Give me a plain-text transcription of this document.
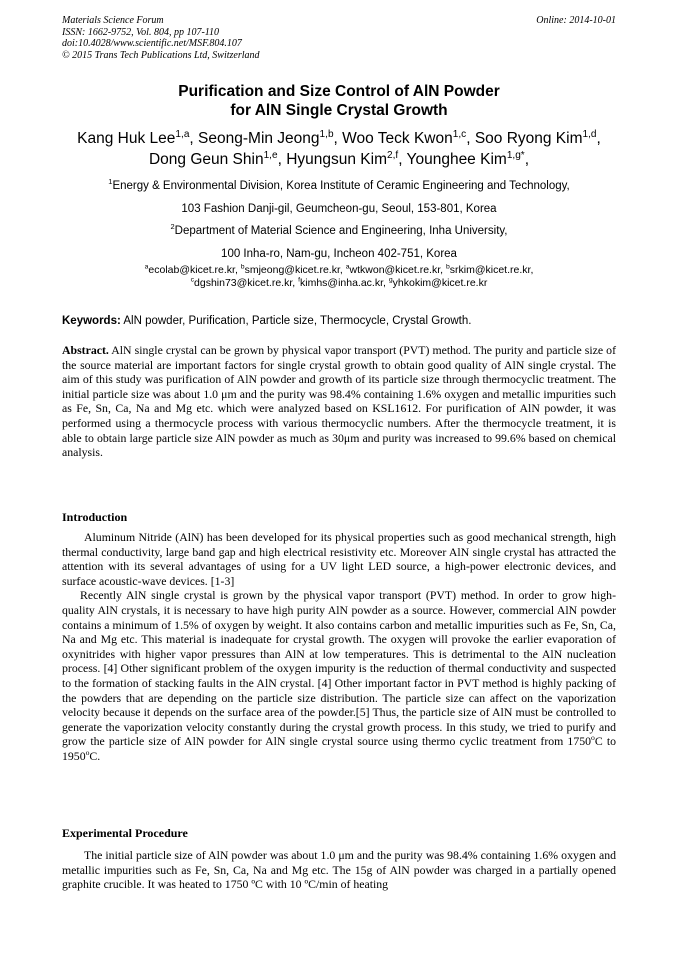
Materials Science Forum	Online: 2014-10-01
ISSN: 1662-9752, Vol. 804, pp 107-110
doi:10.4028/www.scientific.net/MSF.804.107
© 2015 Trans Tech Publications Ltd, Switzerland
Purification and Size Control of AlN Powder
for AlN Single Crystal Growth
Kang Huk Lee$^{1,a}$, Seong-Min Jeong$^{1,b}$, Woo Teck Kwon$^{1,c}$, Soo Ryong Kim$^{1,d}$,
Dong Geun Shin$^{1,e}$, Hyungsun Kim$^{2,f}$, Younghee Kim$^{1,g*}$,
$^1$Energy & Environmental Division, Korea Institute of Ceramic Engineering and Technology,
103 Fashion Danji-gil, Geumcheon-gu, Seoul, 153-801, Korea
$^2$Department of Material Science and Engineering, Inha University,
100 Inha-ro, Nam-gu, Incheon 402-751, Korea
$^a$ecolab@kicet.re.kr, $^b$smjeong@kicet.re.kr, $^a$wtkwon@kicet.re.kr, $^b$srkim@kicet.re.kr,
$^c$dgshin73@kicet.re.kr, $^f$kimhs@inha.ac.kr, $^g$yhkokim@kicet.re.kr
Keywords: AlN powder, Purification, Particle size, Thermocycle, Crystal Growth.

Abstract. AlN single crystal can be grown by physical vapor transport (PVT) method. The purity and particle size of the source material are important factors for single crystal growth to obtain good quality of AlN single crystal. The aim of this study was purification of AlN powder and growth of its particle size through thermocyclic treatment. The initial particle size was about 1.0 μm and the purity was 98.4% containing 1.6% oxygen and metallic impurities such as Fe, Sn, Ca, Na and Mg etc. which were analyzed based on KSL1612. For purification of AlN powder, it was performed using a thermocycle process with various thermocyclic numbers. After the thermocycle treatment, it is able to obtain large particle size AlN powder as much as 30μm and purity was increased to 99.6% based on chemical analysis.

Introduction

Aluminum Nitride (AlN) has been developed for its physical properties such as good mechanical strength, high thermal conductivity, large band gap and high electrical resistivity etc. Moreover AlN single crystal has attracted the attention with its several advantages of using for a UV light LED source, a high-power electronic devices, and surface acoustic-wave devices. [1-3]

Recently AlN single crystal is grown by the physical vapor transport (PVT) method. In order to grow high-quality AlN crystals, it is necessary to have high purity AlN powder as a source. However, commercial AlN powder contains a minimum of 1.5% of oxygen by weight. It also contains carbon and metallic impurities such as Fe, Sn, Ca, Na and Mg etc. This material is inadequate for crystal growth. The oxygen will provoke the earlier evaporation of oxynitrides with higher vapor pressures than AlN at low temperatures. This is detrimental to the AlN nucleation process. [4] Other significant problem of the oxygen impurity is the reduction of thermal conductivity and suspected to the formation of stacking faults in the AlN crystal. [4] Other important factor in PVT method is highly packing of the powders that are depending on the particle size distribution. The particle size can affect on the vaporization velocity because it depends on the surface area of the powder.[5] Thus, the particle size of AlN must be controlled to generate the vaporization velocity constantly during the crystal growth process. In this study, we tried to purify and grow the particle size of AlN powder for AlN single crystal source using thermo cyclic treatment from 1750$^o$C to 1950$^o$C.

Experimental Procedure

The initial particle size of AlN powder was about 1.0 μm and the purity was 98.4% containing 1.6% oxygen and metallic impurities such as Fe, Sn, Ca, Na and Mg etc. The 15g of AlN powder was charged in a partially opened graphite crucible. It was heated to 1750 ºC with 10 ºC/min of heating
